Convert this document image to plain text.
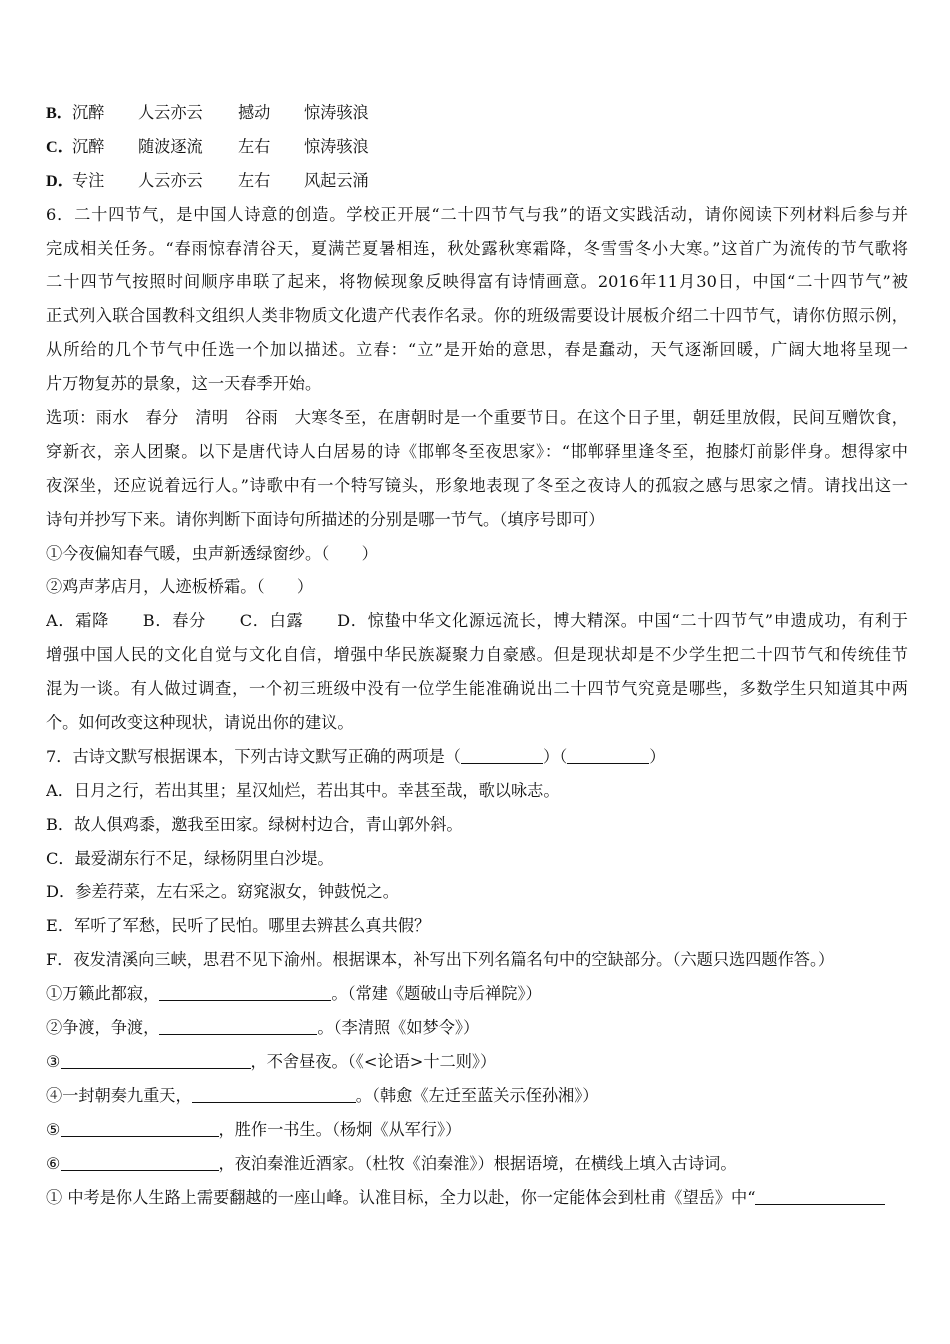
B．沉醉 人云亦云 撼动 惊涛骇浪
C．沉醉 随波逐流 左右 惊涛骇浪
D．专注 人云亦云 左右 风起云涌
6．二十四节气，是中国人诗意的创造。学校正开展“二十四节气与我”的语文实践活动，请你阅读下列材料后参与并
完成相关任务。“春雨惊春清谷天，夏满芒夏暑相连，秋处露秋寒霜降，冬雪雪冬小大寒。”这首广为流传的节气歌将
二十四节气按照时间顺序串联了起来，将物候现象反映得富有诗情画意。2016年11月30日，中国“二十四节气”被
正式列入联合国教科文组织人类非物质文化遗产代表作名录。你的班级需要设计展板介绍二十四节气，请你仿照示例，
从所给的几个节气中任选一个加以描述。立春：“立”是开始的意思，春是蠢动，天气逐渐回暖，广阔大地将呈现一
片万物复苏的景象，这一天春季开始。
选项：雨水　春分　清明　谷雨　大寒冬至，在唐朝时是一个重要节日。在这个日子里，朝廷里放假，民间互赠饮食，
穿新衣，亲人团聚。以下是唐代诗人白居易的诗《邯郸冬至夜思家》：“邯郸驿里逢冬至，抱膝灯前影伴身。想得家中
夜深坐，还应说着远行人。”诗歌中有一个特写镜头，形象地表现了冬至之夜诗人的孤寂之感与思家之情。请找出这一
诗句并抄写下来。请你判断下面诗句所描述的分别是哪一节气。（填序号即可）
①今夜偏知春气暖，虫声新透绿窗纱。（　　）
②鸡声茅店月，人迹板桥霜。（　　）
A．霜降　　B．春分　　C．白露　　D．惊蛰中华文化源远流长，博大精深。中国“二十四节气”申遗成功，有利于
增强中国人民的文化自觉与文化自信，增强中华民族凝聚力自豪感。但是现状却是不少学生把二十四节气和传统佳节
混为一谈。有人做过调查，一个初三班级中没有一位学生能准确说出二十四节气究竟是哪些，多数学生只知道其中两
个。如何改变这种现状，请说出你的建议。
7．古诗文默写根据课本，下列古诗文默写正确的两项是（	）（	）
A．日月之行，若出其里；星汉灿烂，若出其中。幸甚至哉，歌以咏志。
B．故人俱鸡黍，邀我至田家。绿树村边合，青山郭外斜。
C．最爱湖东行不足，绿杨阴里白沙堤。
D．参差荇菜，左右采之。窈窕淑女，钟鼓悦之。
E．军听了军愁，民听了民怕。哪里去辨甚么真共假？
F．夜发清溪向三峡，思君不见下渝州。根据课本，补写出下列名篇名句中的空缺部分。（六题只选四题作答。）
①万籁此都寂，	。（常建《题破山寺后禅院》）
②争渡，争渡，	。（李清照《如梦令》）
③	，不舍昼夜。（《<论语>十二则》）
④一封朝奏九重天，	。（韩愈《左迁至蓝关示侄孙湘》）
⑤	，胜作一书生。（杨炯《从军行》）
⑥	，夜泊秦淮近酒家。（杜牧《泊秦淮》）根据语境，在横线上填入古诗词。
① 中考是你人生路上需要翻越的一座山峰。认准目标，全力以赴，你一定能体会到杜甫《望岳》中“
